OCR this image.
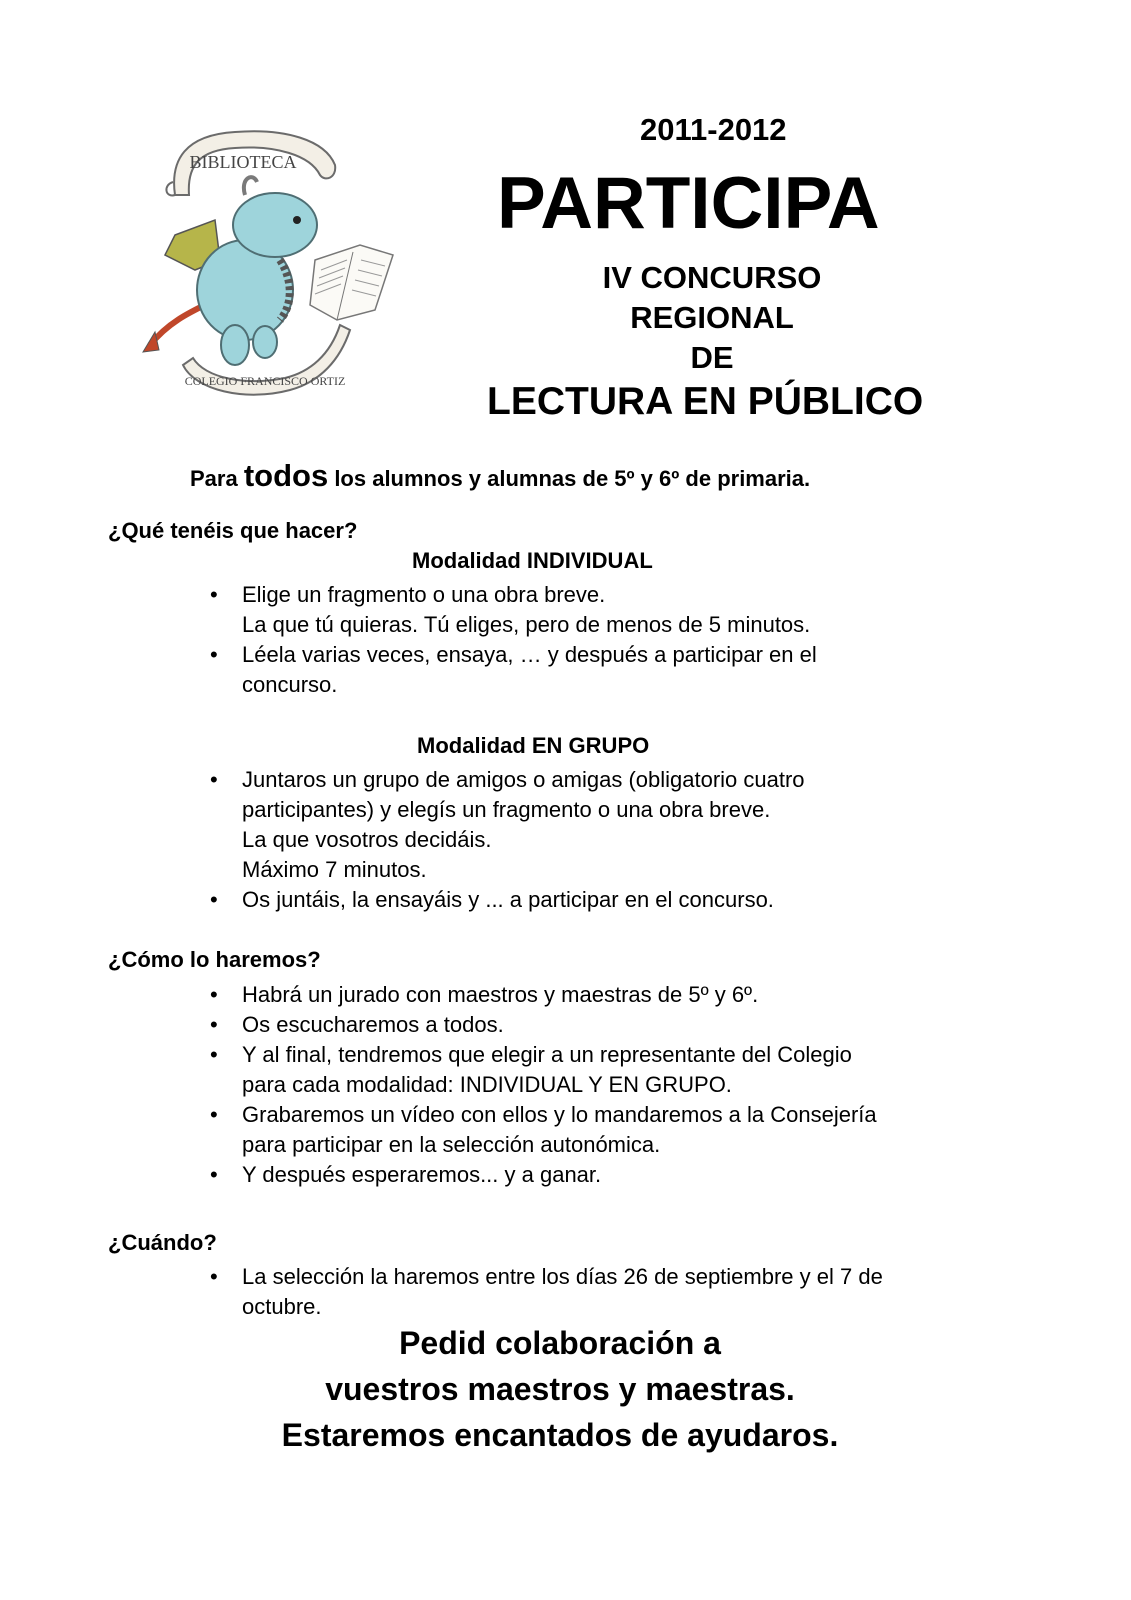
BIBLIOTECA
COLEGIO FRANCISCO ORTIZ
2011-2012
PARTICIPA
IV CONCURSO
REGIONAL
DE
LECTURA EN PÚBLICO
Para todos los alumnos y alumnas de 5º y 6º de primaria.
¿Qué tenéis que hacer?
Modalidad INDIVIDUAL
• Elige un fragmento o una obra breve.
La que tú quieras. Tú eliges, pero de menos de 5 minutos.
• Léela varias veces, ensaya, … y después a participar en el
concurso.
Modalidad EN GRUPO
• Juntaros un grupo de amigos o amigas (obligatorio cuatro
participantes) y elegís un fragmento o una obra breve.
La que vosotros decidáis.
Máximo 7 minutos.
• Os juntáis, la ensayáis y ... a participar en el concurso.
¿Cómo lo haremos?
• Habrá un jurado con maestros y maestras de 5º y 6º.
• Os escucharemos a todos.
• Y al final, tendremos que elegir a un representante del Colegio
para cada modalidad: INDIVIDUAL Y EN GRUPO.
• Grabaremos un vídeo con ellos y lo mandaremos a la Consejería
para participar en la selección autonómica.
• Y después esperaremos... y a ganar.
¿Cuándo?
• La selección la haremos entre los días 26 de septiembre y el 7 de
octubre.
Pedid colaboración a
vuestros maestros y maestras.
Estaremos encantados de ayudaros.
